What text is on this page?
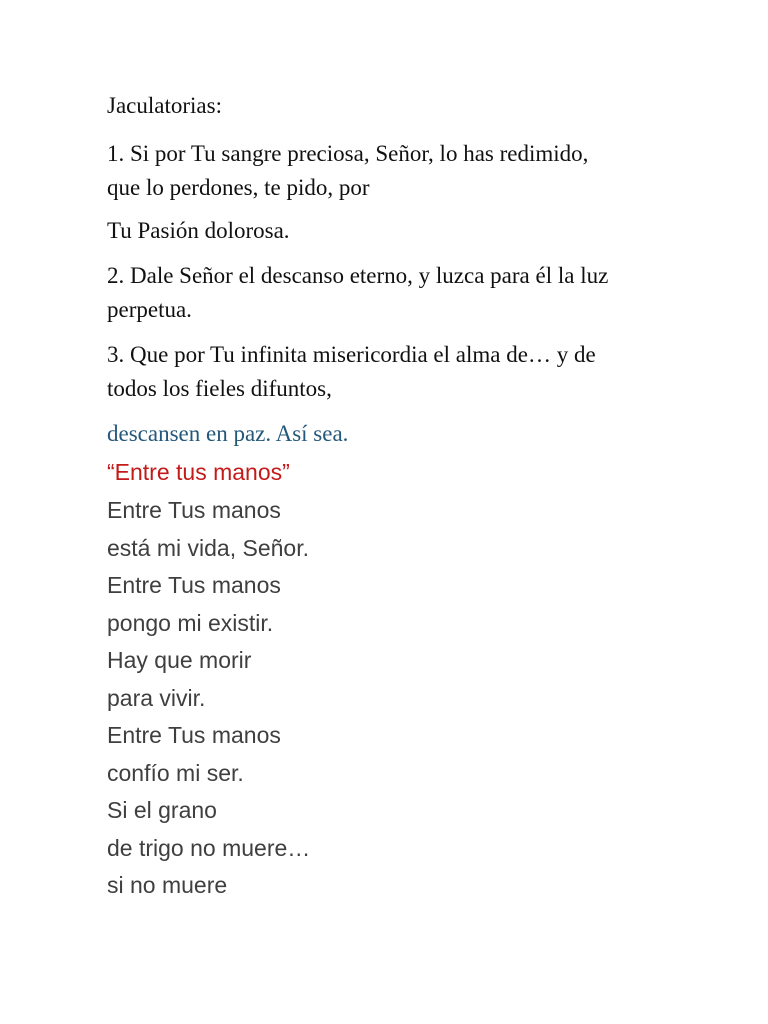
Jaculatorias:

1. Si por Tu sangre preciosa, Señor, lo has redimido,

que lo perdones, te pido, por

Tu Pasión dolorosa.

2. Dale Señor el descanso eterno, y luzca para él la luz

perpetua.

3. Que por Tu infinita misericordia el alma de… y de

todos los fieles difuntos,

descansen en paz. Así sea.

“Entre tus manos”

Entre Tus manos
está mi vida, Señor.
Entre Tus manos
pongo mi existir.
Hay que morir
para vivir.
Entre Tus manos
confío mi ser.
Si el grano
de trigo no muere…
si no muere
